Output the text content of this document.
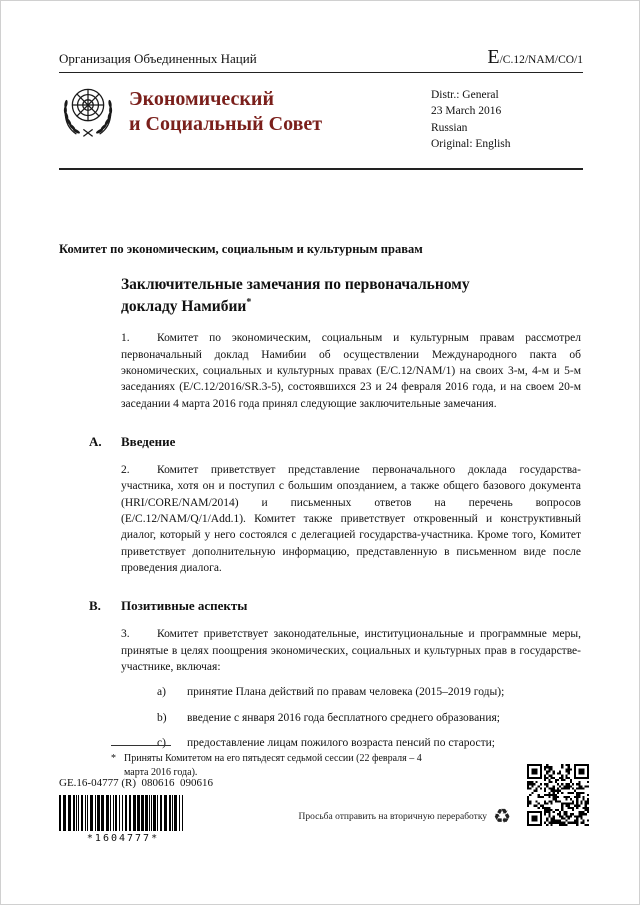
Организация Объединенных Наций	E/C.12/NAM/CO/1
Экономический
и Социальный Совет
Distr.: General
23 March 2016
Russian
Original: English
Комитет по экономическим, социальным и культурным правам
Заключительные замечания по первоначальному
докладу Намибии*
1. Комитет по экономическим, социальным и культурным правам рассмотрел первоначальный доклад Намибии об осуществлении Международного пакта об экономических, социальных и культурных правах (E/C.12/NAM/1) на своих 3-м, 4-м и 5-м заседаниях (E/C.12/2016/SR.3-5), состоявшихся 23 и 24 февраля 2016 года, и на своем 20-м заседании 4 марта 2016 года принял следующие заключительные замечания.
A.	Введение
2. Комитет приветствует представление первоначального доклада государства-участника, хотя он и поступил с большим опозданием, а также общего базового документа (HRI/CORE/NAM/2014) и письменных ответов на перечень вопросов (E/C.12/NAM/Q/1/Add.1). Комитет также приветствует откровенный и конструктивный диалог, который у него состоялся с делегацией государства-участника. Кроме того, Комитет приветствует дополнительную информацию, представленную в письменном виде после проведения диалога.
B.	Позитивные аспекты
3. Комитет приветствует законодательные, институциональные и программные меры, принятые в целях поощрения экономических, социальных и культурных прав в государстве-участнике, включая:
a)	принятие Плана действий по правам человека (2015–2019 годы);
b)	введение с января 2016 года бесплатного среднего образования;
c)	предоставление лицам пожилого возраста пенсий по старости;
* Приняты Комитетом на его пятьдесят седьмой сессии (22 февраля – 4 марта 2016 года).
GE.16-04777 (R)  080616  090616
*1604777*
Просьба отправить на вторичную переработку ♻
